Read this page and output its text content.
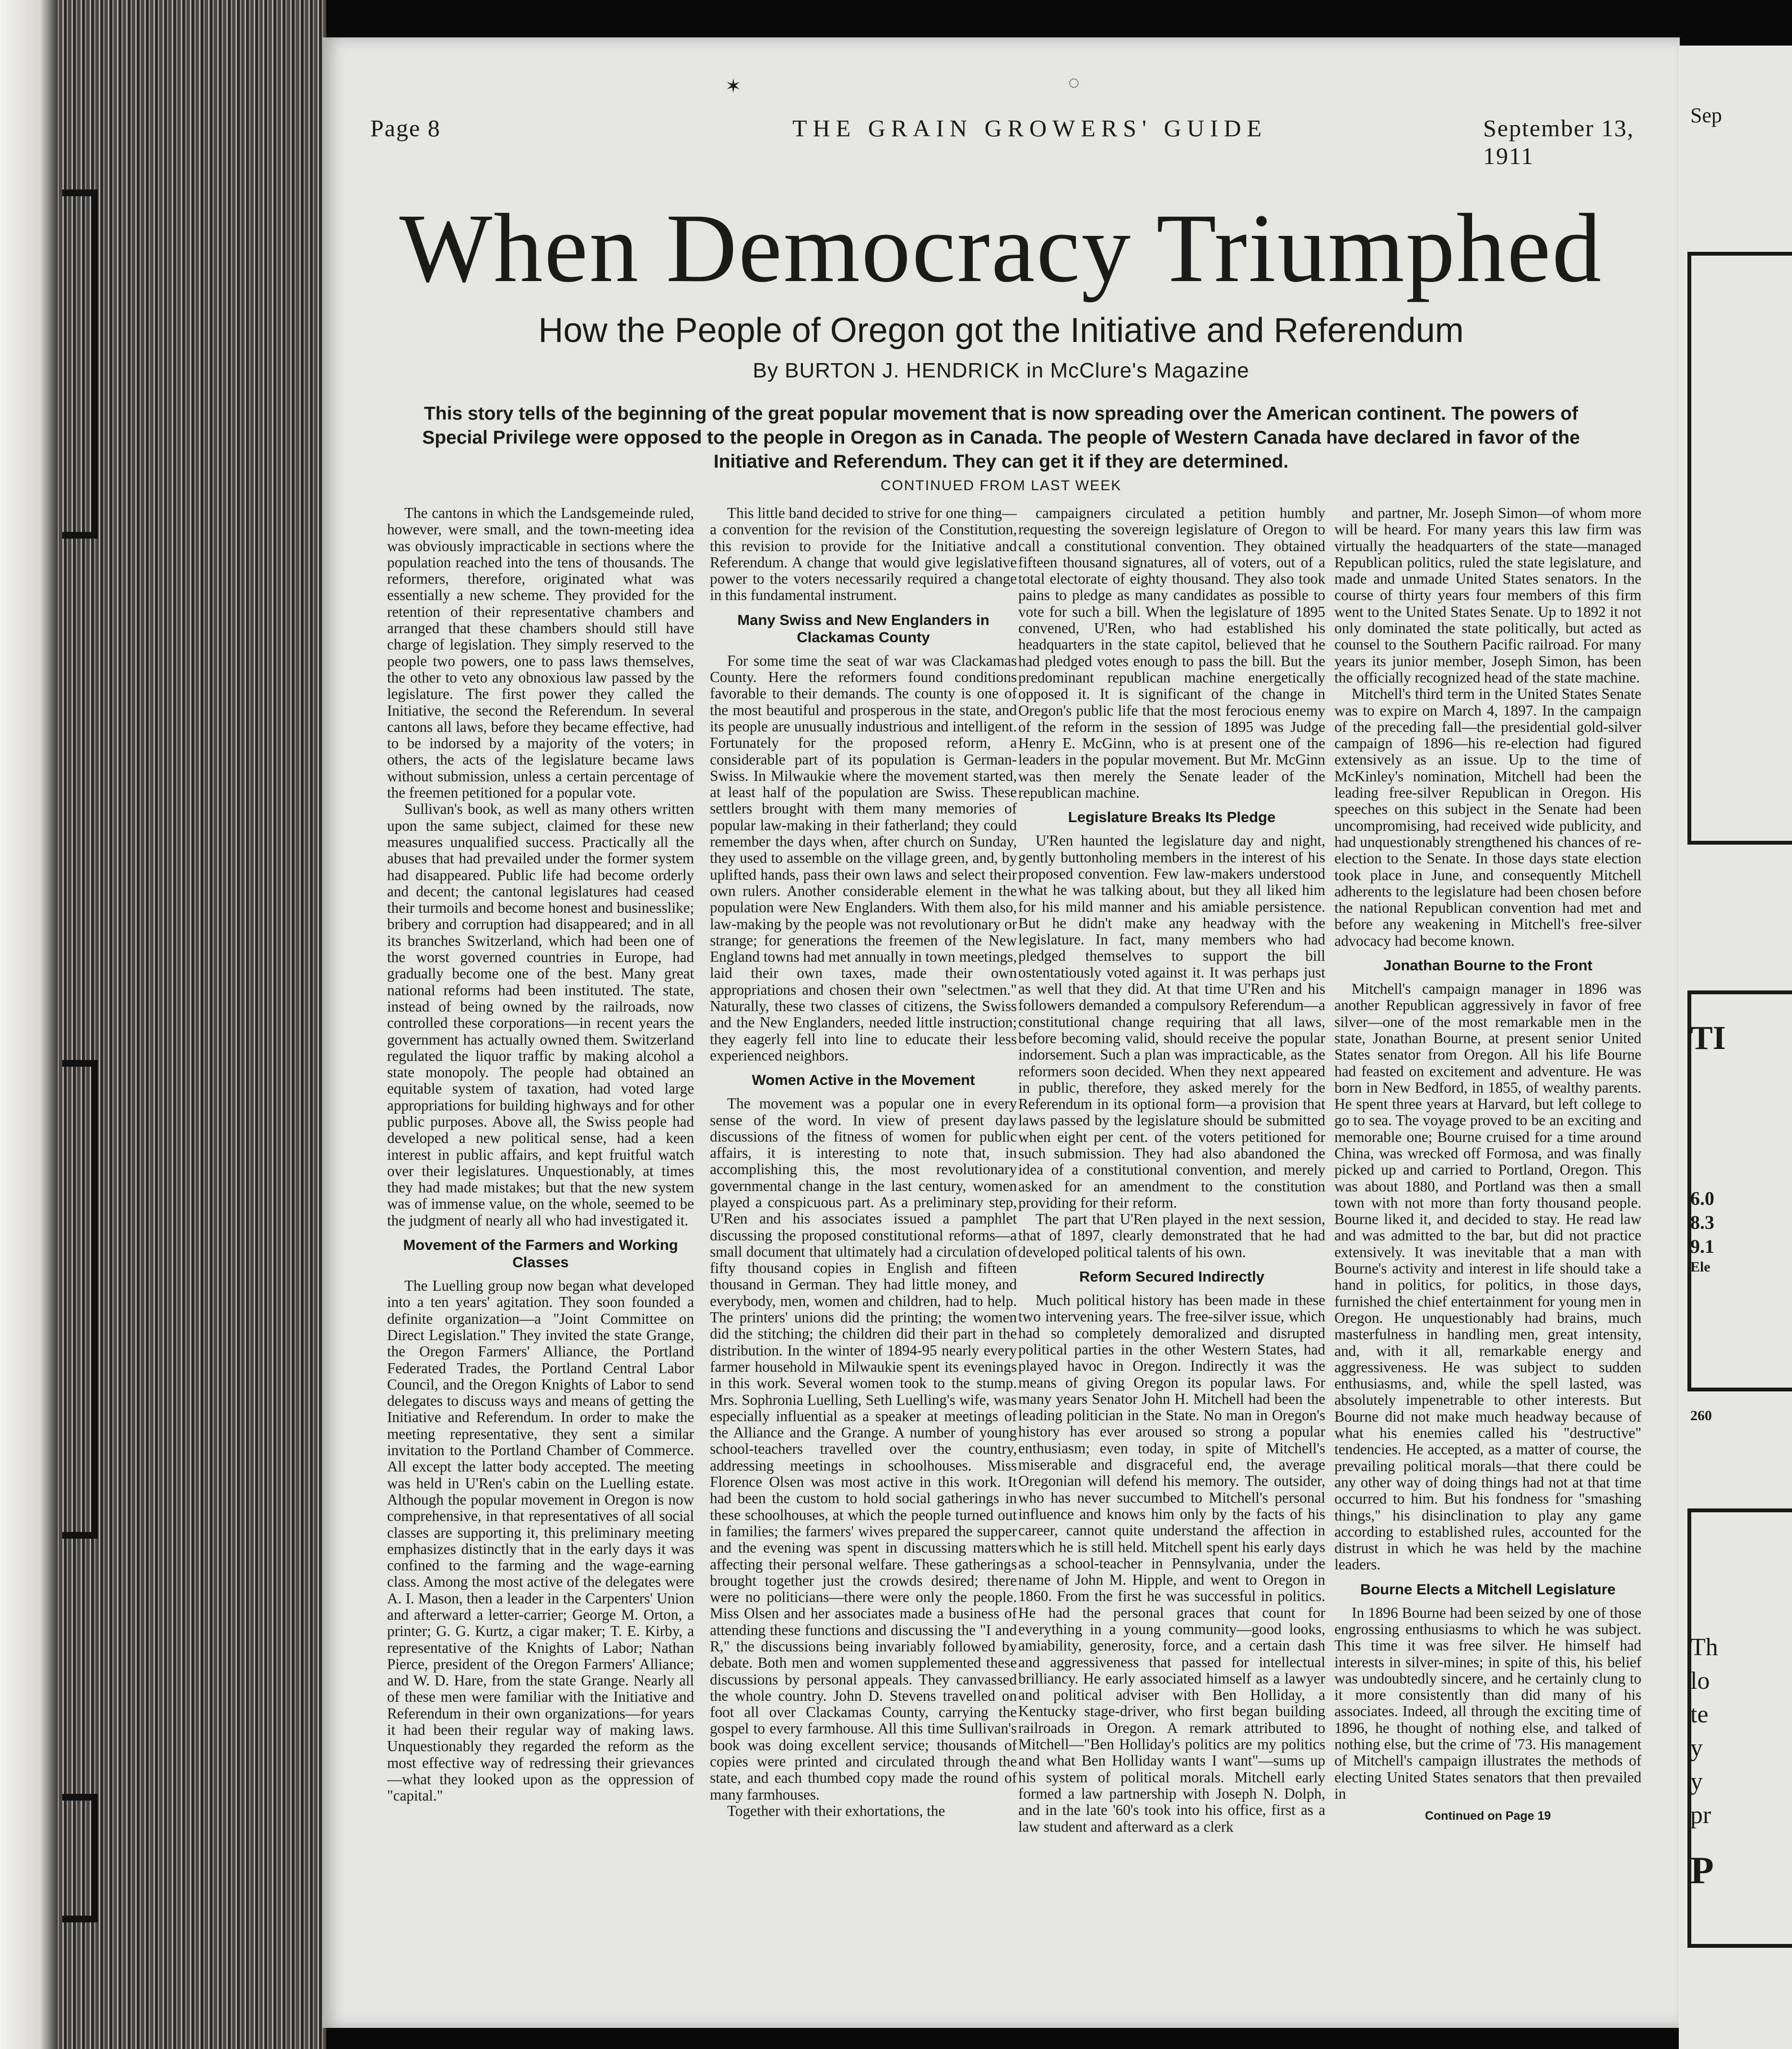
✶	◌
Page 8	THE GRAIN GROWERS' GUIDE	September 13, 1911
When Democracy Triumphed
How the People of Oregon got the Initiative and Referendum
By BURTON J. HENDRICK in McClure's Magazine
This story tells of the beginning of the great popular movement that is now spreading over the American continent. The powers of Special Privilege were opposed to the people in Oregon as in Canada. The people of Western Canada have declared in favor of the Initiative and Referendum. They can get it if they are determined.
CONTINUED FROM LAST WEEK

The cantons in which the Landsgemeinde ruled, however, were small, and the town-meeting idea was obviously impracticable in sections where the population reached into the tens of thousands. The reformers, therefore, originated what was essentially a new scheme. They provided for the retention of their representative chambers and arranged that these chambers should still have charge of legislation. They simply reserved to the people two powers, one to pass laws themselves, the other to veto any obnoxious law passed by the legislature. The first power they called the Initiative, the second the Referendum. In several cantons all laws, before they became effective, had to be indorsed by a majority of the voters; in others, the acts of the legislature became laws without submission, unless a certain percentage of the freemen petitioned for a popular vote.

Sullivan's book, as well as many others written upon the same subject, claimed for these new measures unqualified success. Practically all the abuses that had prevailed under the former system had disappeared. Public life had become orderly and decent; the cantonal legislatures had ceased their turmoils and become honest and businesslike; bribery and corruption had disappeared; and in all its branches Switzerland, which had been one of the worst governed countries in Europe, had gradually become one of the best. Many great national reforms had been instituted. The state, instead of being owned by the railroads, now controlled these corporations—in recent years the government has actually owned them. Switzerland regulated the liquor traffic by making alcohol a state monopoly. The people had obtained an equitable system of taxation, had voted large appropriations for building highways and for other public purposes. Above all, the Swiss people had developed a new political sense, had a keen interest in public affairs, and kept fruitful watch over their legislatures. Unquestionably, at times they had made mistakes; but that the new system was of immense value, on the whole, seemed to be the judgment of nearly all who had investigated it.

Movement of the Farmers and Working Classes

The Luelling group now began what developed into a ten years' agitation. They soon founded a definite organization—a "Joint Committee on Direct Legislation." They invited the state Grange, the Oregon Farmers' Alliance, the Portland Federated Trades, the Portland Central Labor Council, and the Oregon Knights of Labor to send delegates to discuss ways and means of getting the Initiative and Referendum. In order to make the meeting representative, they sent a similar invitation to the Portland Chamber of Commerce. All except the latter body accepted. The meeting was held in U'Ren's cabin on the Luelling estate. Although the popular movement in Oregon is now comprehensive, in that representatives of all social classes are supporting it, this preliminary meeting emphasizes distinctly that in the early days it was confined to the farming and the wage-earning class. Among the most active of the delegates were A. I. Mason, then a leader in the Carpenters' Union and afterward a letter-carrier; George M. Orton, a printer; G. G. Kurtz, a cigar maker; T. E. Kirby, a representative of the Knights of Labor; Nathan Pierce, president of the Oregon Farmers' Alliance; and W. D. Hare, from the state Grange. Nearly all of these men were familiar with the Initiative and Referendum in their own organizations—for years it had been their regular way of making laws. Unquestionably they regarded the reform as the most effective way of redressing their grievances—what they looked upon as the oppression of "capital."

This little band decided to strive for one thing—a convention for the revision of the Constitution, this revision to provide for the Initiative and Referendum. A change that would give legislative power to the voters necessarily required a change in this fundamental instrument.

Many Swiss and New Englanders in Clackamas County

For some time the seat of war was Clackamas County. Here the reformers found conditions favorable to their demands. The county is one of the most beautiful and prosperous in the state, and its people are unusually industrious and intelligent. Fortunately for the proposed reform, a considerable part of its population is German-Swiss. In Milwaukie where the movement started, at least half of the population are Swiss. These settlers brought with them many memories of popular law-making in their fatherland; they could remember the days when, after church on Sunday, they used to assemble on the village green, and, by uplifted hands, pass their own laws and select their own rulers. Another considerable element in the population were New Englanders. With them also, law-making by the people was not revolutionary or strange; for generations the freemen of the New England towns had met annually in town meetings, laid their own taxes, made their own appropriations and chosen their own "selectmen." Naturally, these two classes of citizens, the Swiss and the New Englanders, needed little instruction; they eagerly fell into line to educate their less experienced neighbors.

Women Active in the Movement

The movement was a popular one in every sense of the word. In view of present day discussions of the fitness of women for public affairs, it is interesting to note that, in accomplishing this, the most revolutionary governmental change in the last century, women played a conspicuous part. As a preliminary step, U'Ren and his associates issued a pamphlet discussing the proposed constitutional reforms—a small document that ultimately had a circulation of fifty thousand copies in English and fifteen thousand in German. They had little money, and everybody, men, women and children, had to help. The printers' unions did the printing; the women did the stitching; the children did their part in the distribution. In the winter of 1894-95 nearly every farmer household in Milwaukie spent its evenings in this work. Several women took to the stump. Mrs. Sophronia Luelling, Seth Luelling's wife, was especially influential as a speaker at meetings of the Alliance and the Grange. A number of young school-teachers travelled over the country, addressing meetings in schoolhouses. Miss Florence Olsen was most active in this work. It had been the custom to hold social gatherings in these schoolhouses, at which the people turned out in families; the farmers' wives prepared the supper and the evening was spent in discussing matters affecting their personal welfare. These gatherings brought together just the crowds desired; there were no politicians—there were only the people. Miss Olsen and her associates made a business of attending these functions and discussing the "I and R," the discussions being invariably followed by debate. Both men and women supplemented these discussions by personal appeals. They canvassed the whole country. John D. Stevens travelled on foot all over Clackamas County, carrying the gospel to every farmhouse. All this time Sullivan's book was doing excellent service; thousands of copies were printed and circulated through the state, and each thumbed copy made the round of many farmhouses.

Together with their exhortations, the

campaigners circulated a petition humbly requesting the sovereign legislature of Oregon to call a constitutional convention. They obtained fifteen thousand signatures, all of voters, out of a total electorate of eighty thousand. They also took pains to pledge as many candidates as possible to vote for such a bill. When the legislature of 1895 convened, U'Ren, who had established his headquarters in the state capitol, believed that he had pledged votes enough to pass the bill. But the predominant republican machine energetically opposed it. It is significant of the change in Oregon's public life that the most ferocious enemy of the reform in the session of 1895 was Judge Henry E. McGinn, who is at present one of the leaders in the popular movement. But Mr. McGinn was then merely the Senate leader of the republican machine.

Legislature Breaks Its Pledge

U'Ren haunted the legislature day and night, gently buttonholing members in the interest of his proposed convention. Few law-makers understood what he was talking about, but they all liked him for his mild manner and his amiable persistence. But he didn't make any headway with the legislature. In fact, many members who had pledged themselves to support the bill ostentatiously voted against it. It was perhaps just as well that they did. At that time U'Ren and his followers demanded a compulsory Referendum—a constitutional change requiring that all laws, before becoming valid, should receive the popular indorsement. Such a plan was impracticable, as the reformers soon decided. When they next appeared in public, therefore, they asked merely for the Referendum in its optional form—a provision that laws passed by the legislature should be submitted when eight per cent. of the voters petitioned for such submission. They had also abandoned the idea of a constitutional convention, and merely asked for an amendment to the constitution providing for their reform.

The part that U'Ren played in the next session, that of 1897, clearly demonstrated that he had developed political talents of his own.

Reform Secured Indirectly

Much political history has been made in these two intervening years. The free-silver issue, which had so completely demoralized and disrupted political parties in the other Western States, had played havoc in Oregon. Indirectly it was the means of giving Oregon its popular laws. For many years Senator John H. Mitchell had been the leading politician in the State. No man in Oregon's history has ever aroused so strong a popular enthusiasm; even today, in spite of Mitchell's miserable and disgraceful end, the average Oregonian will defend his memory. The outsider, who has never succumbed to Mitchell's personal influence and knows him only by the facts of his career, cannot quite understand the affection in which he is still held. Mitchell spent his early days as a school-teacher in Pennsylvania, under the name of John M. Hipple, and went to Oregon in 1860. From the first he was successful in politics. He had the personal graces that count for everything in a young community—good looks, amiability, generosity, force, and a certain dash and aggressiveness that passed for intellectual brilliancy. He early associated himself as a lawyer and political adviser with Ben Holliday, a Kentucky stage-driver, who first began building railroads in Oregon. A remark attributed to Mitchell—"Ben Holliday's politics are my politics and what Ben Holliday wants I want"—sums up his system of political morals. Mitchell early formed a law partnership with Joseph N. Dolph, and in the late '60's took into his office, first as a law student and afterward as a clerk

and partner, Mr. Joseph Simon—of whom more will be heard. For many years this law firm was virtually the headquarters of the state—managed Republican politics, ruled the state legislature, and made and unmade United States senators. In the course of thirty years four members of this firm went to the United States Senate. Up to 1892 it not only dominated the state politically, but acted as counsel to the Southern Pacific railroad. For many years its junior member, Joseph Simon, has been the officially recognized head of the state machine.

Mitchell's third term in the United States Senate was to expire on March 4, 1897. In the campaign of the preceding fall—the presidential gold-silver campaign of 1896—his re-election had figured extensively as an issue. Up to the time of McKinley's nomination, Mitchell had been the leading free-silver Republican in Oregon. His speeches on this subject in the Senate had been uncompromising, had received wide publicity, and had unquestionably strengthened his chances of re-election to the Senate. In those days state election took place in June, and consequently Mitchell adherents to the legislature had been chosen before the national Republican convention had met and before any weakening in Mitchell's free-silver advocacy had become known.

Jonathan Bourne to the Front

Mitchell's campaign manager in 1896 was another Republican aggressively in favor of free silver—one of the most remarkable men in the state, Jonathan Bourne, at present senior United States senator from Oregon. All his life Bourne had feasted on excitement and adventure. He was born in New Bedford, in 1855, of wealthy parents. He spent three years at Harvard, but left college to go to sea. The voyage proved to be an exciting and memorable one; Bourne cruised for a time around China, was wrecked off Formosa, and was finally picked up and carried to Portland, Oregon. This was about 1880, and Portland was then a small town with not more than forty thousand people. Bourne liked it, and decided to stay. He read law and was admitted to the bar, but did not practice extensively. It was inevitable that a man with Bourne's activity and interest in life should take a hand in politics, for politics, in those days, furnished the chief entertainment for young men in Oregon. He unquestionably had brains, much masterfulness in handling men, great intensity, and, with it all, remarkable energy and aggressiveness. He was subject to sudden enthusiasms, and, while the spell lasted, was absolutely impenetrable to other interests. But Bourne did not make much headway because of what his enemies called his "destructive" tendencies. He accepted, as a matter of course, the prevailing political morals—that there could be any other way of doing things had not at that time occurred to him. But his fondness for "smashing things," his disinclination to play any game according to established rules, accounted for the distrust in which he was held by the machine leaders.

Bourne Elects a Mitchell Legislature

In 1896 Bourne had been seized by one of those engrossing enthusiasms to which he was subject. This time it was free silver. He himself had interests in silver-mines; in spite of this, his belief was undoubtedly sincere, and he certainly clung to it more consistently than did many of his associates. Indeed, all through the exciting time of 1896, he thought of nothing else, and talked of nothing else, but the crime of '73. His management of Mitchell's campaign illustrates the methods of electing United States senators that then prevailed in

Continued on Page 19
Sep
6.0
8.3
9.1
Ele
260
Th
lo
te
y
y
pr
P
TI
